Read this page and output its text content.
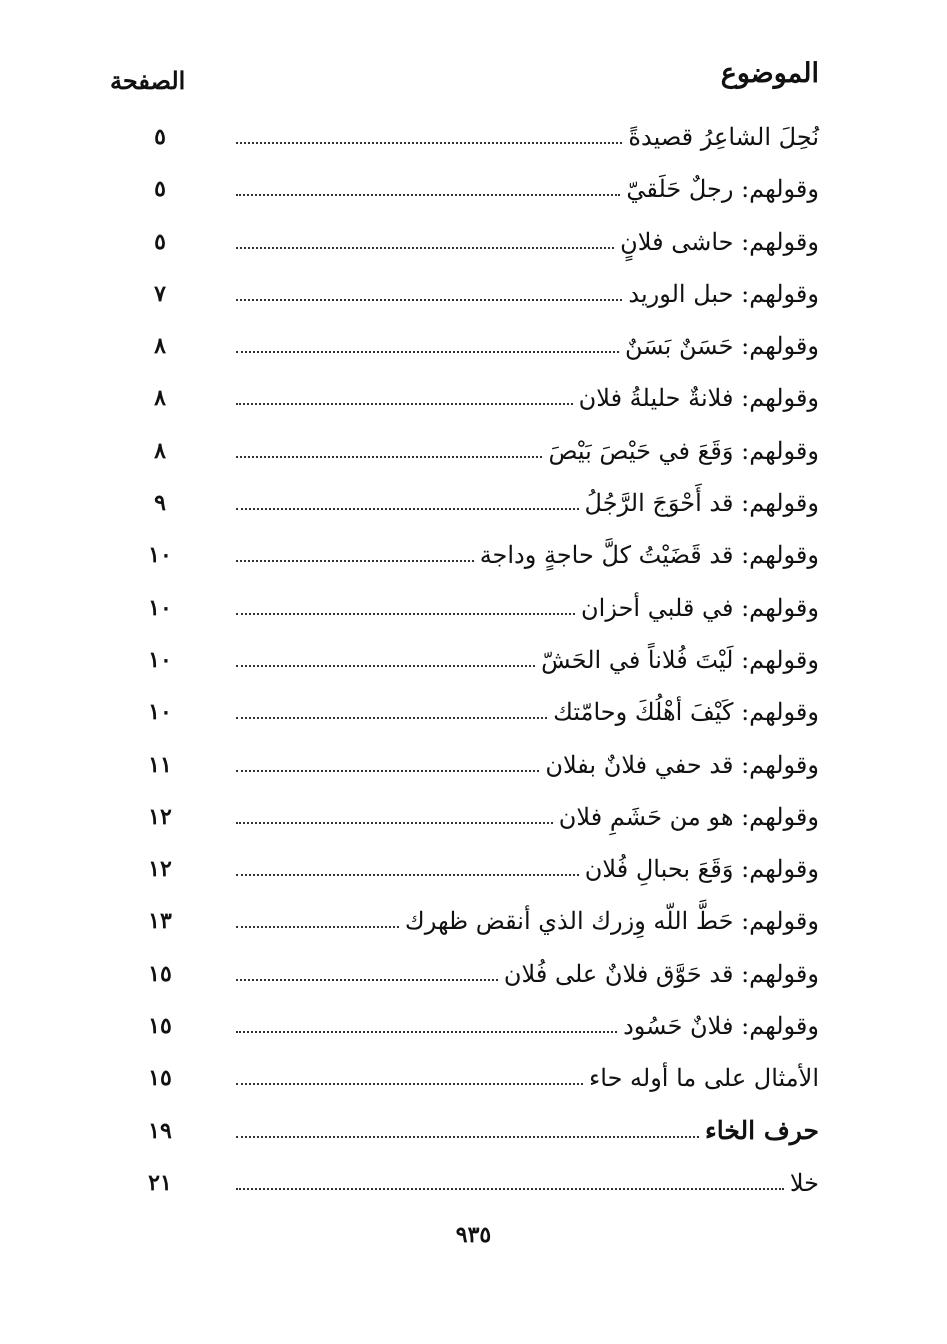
الموضوع
الصفحة
نُحِلَ الشاعِرُ قصيدةً
٥
وقولهم: رجلٌ حَلَقيّ
٥
وقولهم: حاشى فلانٍ
٥
وقولهم: حبل الوريد
٧
وقولهم: حَسَنٌ بَسَنٌ
٨
وقولهم: فلانةٌ حليلةُ فلان
٨
وقولهم: وَقَعَ في حَيْصَ بَيْصَ
٨
وقولهم: قد أَحْوَجَ الرَّجُلُ
٩
وقولهم: قد قَضَيْتُ كلَّ حاجةٍ وداجة
١٠
وقولهم: في قلبي أحزان
١٠
وقولهم: لَيْتَ فُلاناً في الحَشّ
١٠
وقولهم: كَيْفَ أهْلُكَ وحامّتك
١٠
وقولهم: قد حفي فلانٌ بفلان
١١
وقولهم: هو من حَشَمِ فلان
١٢
وقولهم: وَقَعَ بحبالِ فُلان
١٢
وقولهم: حَطَّ اللّه وِزرك الذي أنقض ظهرك
١٣
وقولهم: قد حَوَّق فلانٌ على فُلان
١٥
وقولهم: فلانٌ حَسُود
١٥
الأمثال على ما أوله حاء
١٥
حرف الخاء
١٩
خلا
٢١
٩٣٥
